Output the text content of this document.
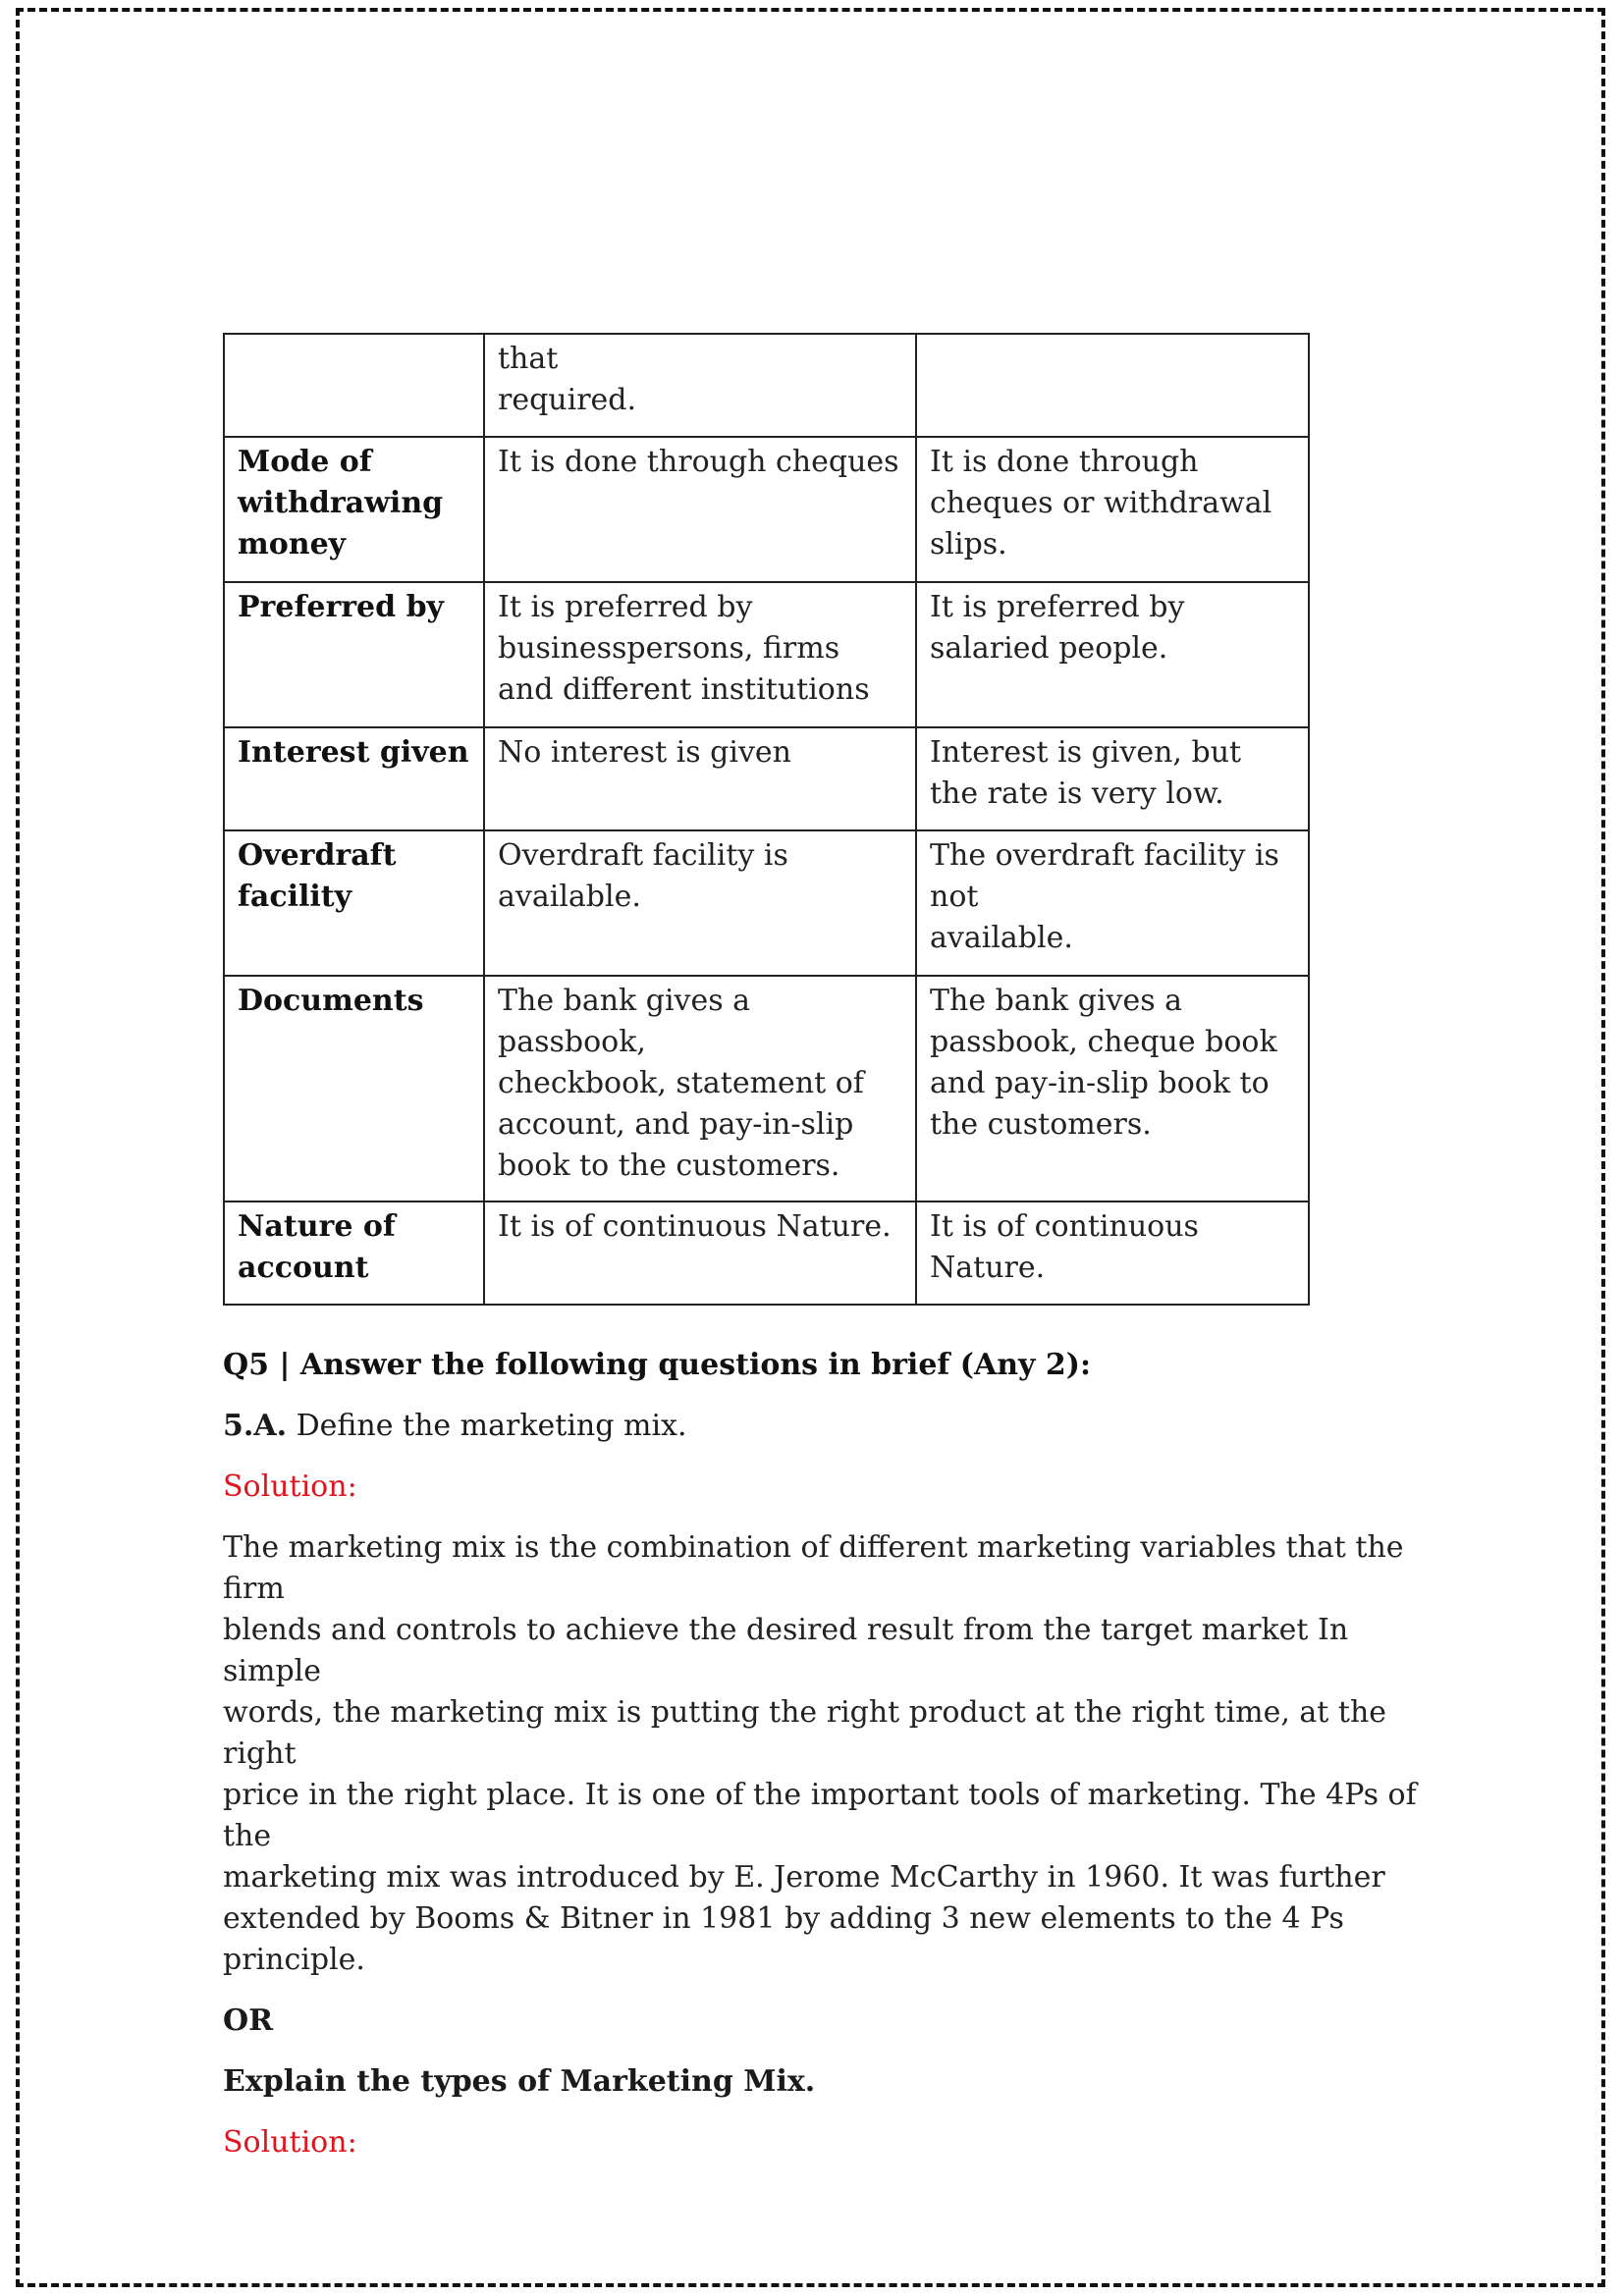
	that
required.	

Mode of
withdrawing
money	It is done through cheques	It is done through
cheques or withdrawal
slips.

Preferred by	It is preferred by
businesspersons, firms
and different institutions	It is preferred by
salaried people.

Interest given	No interest is given	Interest is given, but
the rate is very low.

Overdraft
facility	Overdraft facility is
available.	The overdraft facility is
not
available.

Documents	The bank gives a passbook,
checkbook, statement of
account, and pay-in-slip
book to the customers.	The bank gives a
passbook, cheque book
and pay-in-slip book to
the customers.

Nature of
account	It is of continuous Nature.	It is of continuous Nature.
Q5 | Answer the following questions in brief (Any 2):
5.A. Define the marketing mix.
Solution:
The marketing mix is the combination of different marketing variables that the firm
blends and controls to achieve the desired result from the target market In simple
words, the marketing mix is putting the right product at the right time, at the right
price in the right place. It is one of the important tools of marketing. The 4Ps of the
marketing mix was introduced by E. Jerome McCarthy in 1960. It was further
extended by Booms & Bitner in 1981 by adding 3 new elements to the 4 Ps principle.
OR
Explain the types of Marketing Mix.
Solution:
